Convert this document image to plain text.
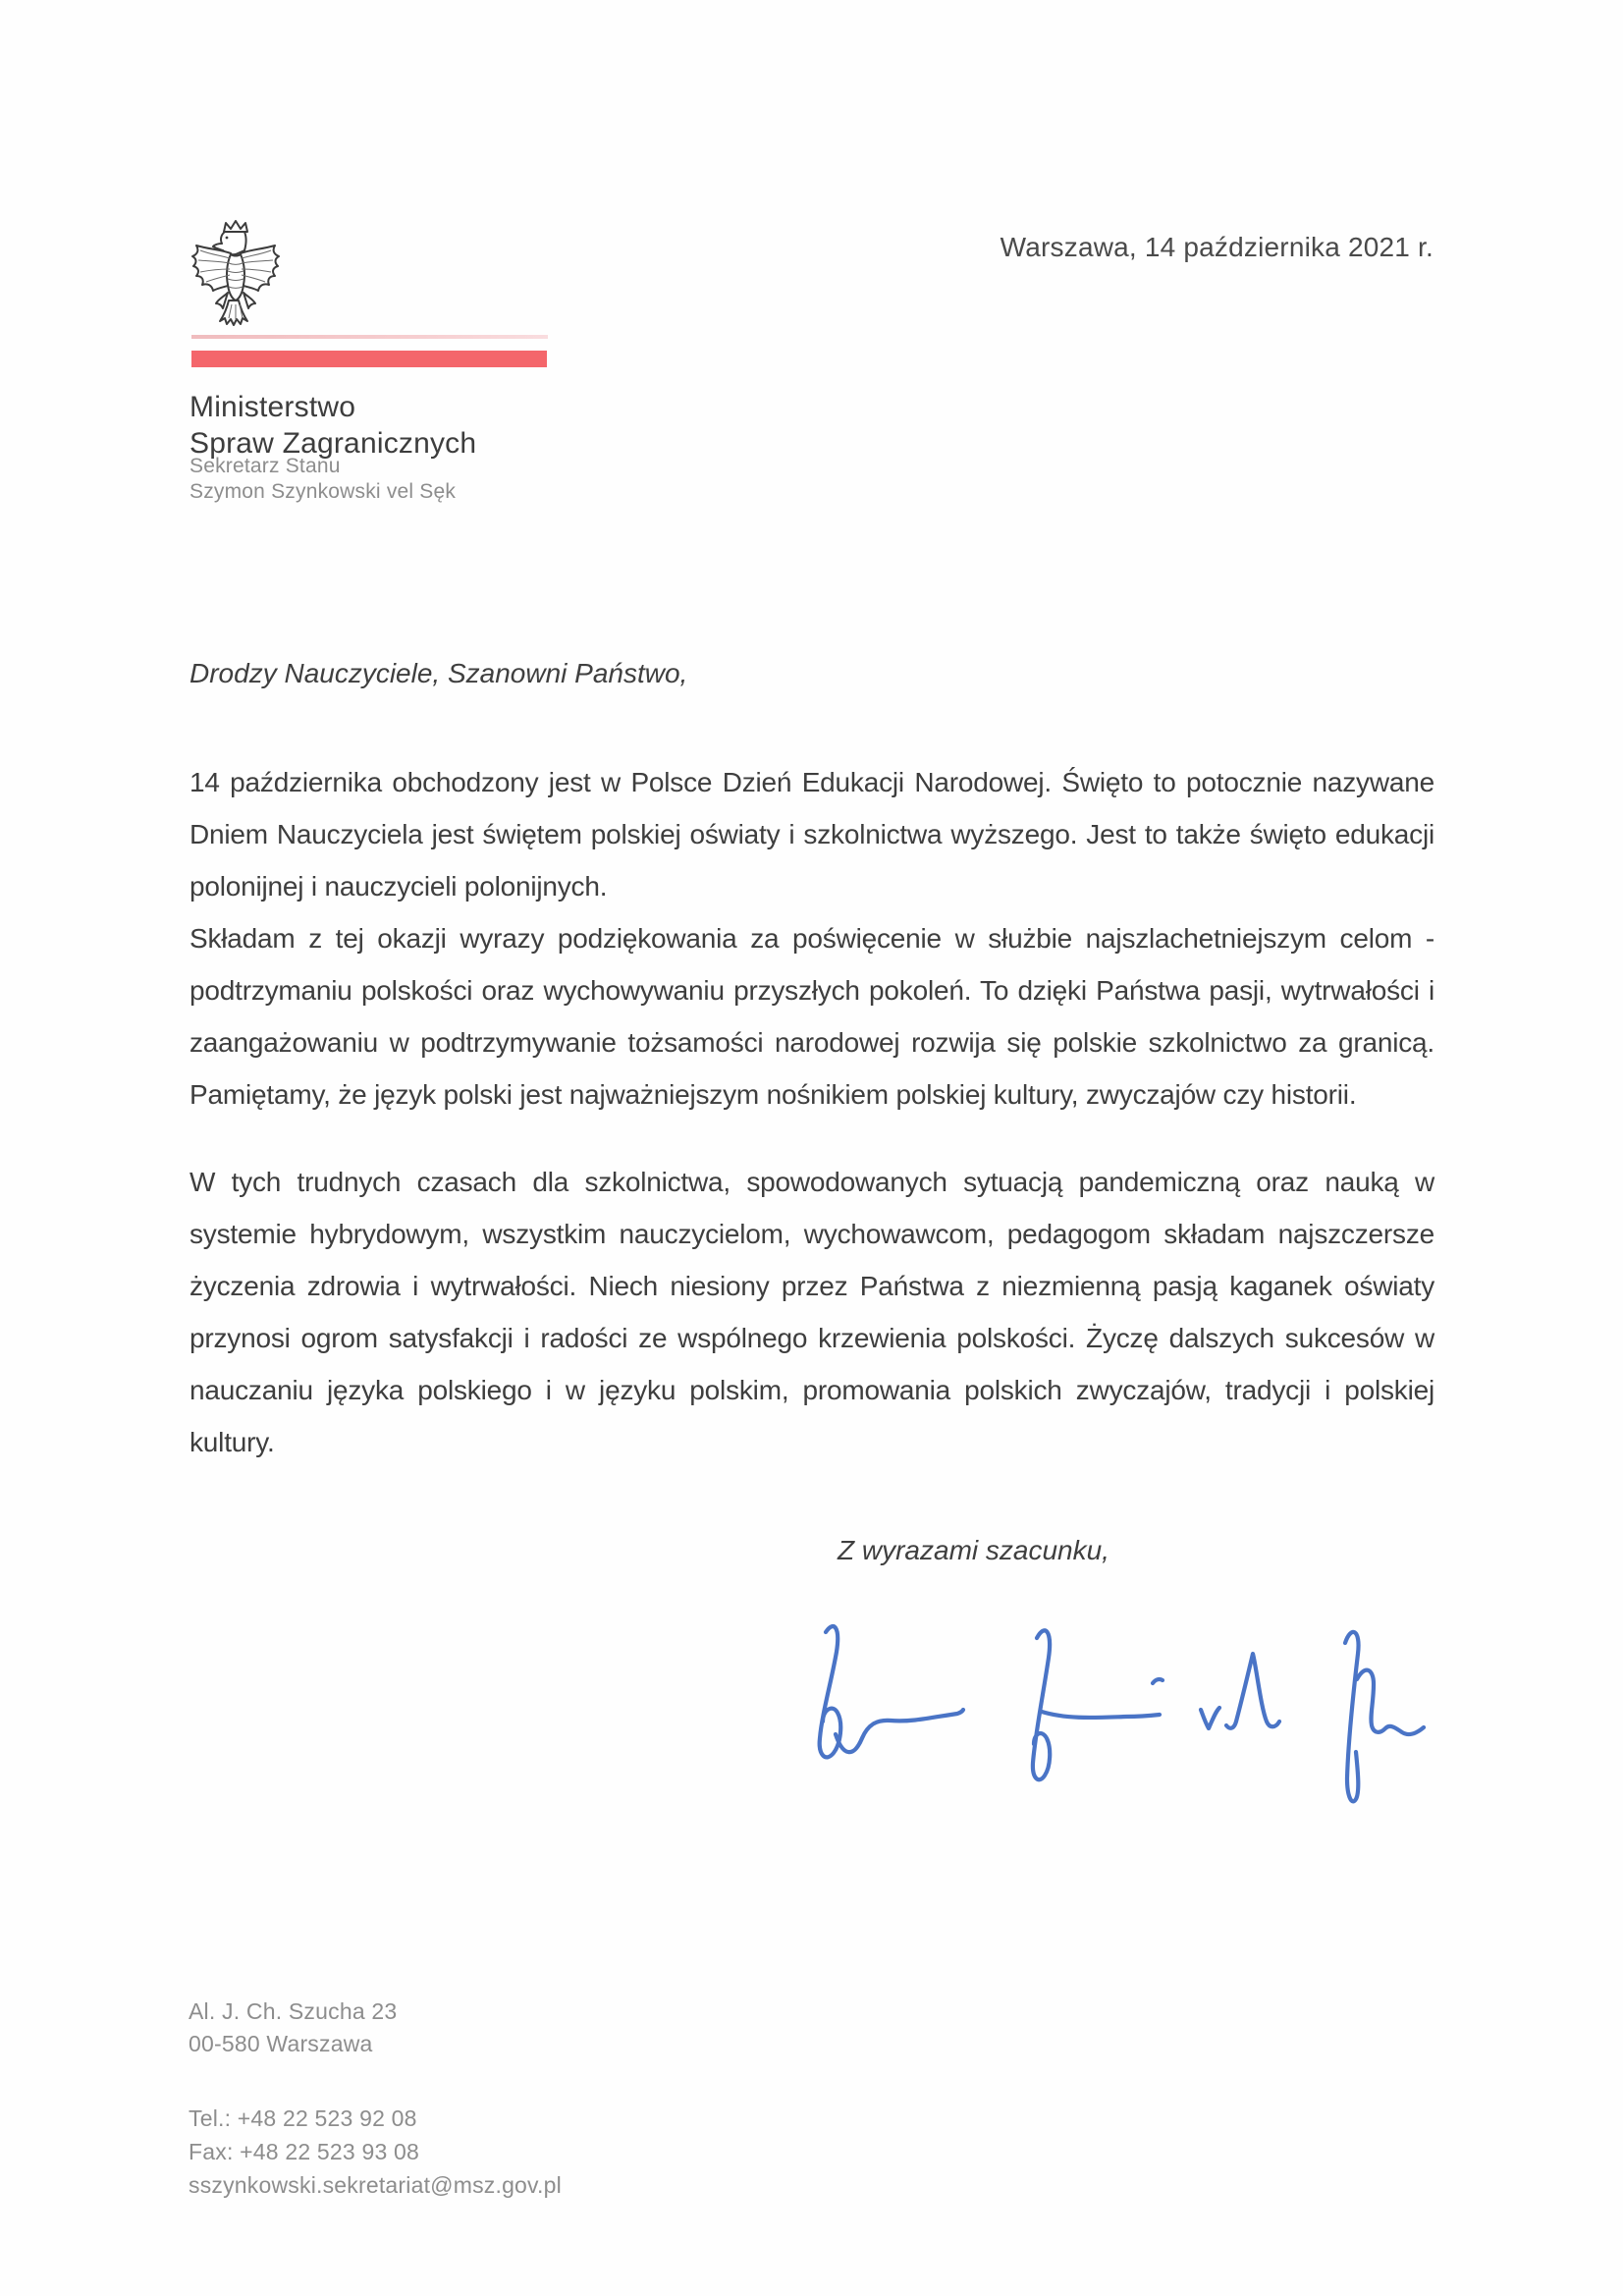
Warszawa, 14 października 2021 r.
Ministerstwo
Spraw Zagranicznych
Sekretarz Stanu
Szymon Szynkowski vel Sęk
Drodzy Nauczyciele, Szanowni Państwo,

14 października obchodzony jest w Polsce Dzień Edukacji Narodowej. Święto to potocznie nazywane Dniem Nauczyciela jest świętem polskiej oświaty i szkolnictwa wyższego. Jest to także święto edukacji polonijnej i nauczycieli polonijnych.

Składam z tej okazji wyrazy podziękowania za poświęcenie w służbie najszlachetniejszym celom - podtrzymaniu polskości oraz wychowywaniu przyszłych pokoleń. To dzięki Państwa pasji, wytrwałości i zaangażowaniu w podtrzymywanie tożsamości narodowej rozwija się polskie szkolnictwo za granicą. Pamiętamy, że język polski jest najważniejszym nośnikiem polskiej kultury, zwyczajów czy historii.

W tych trudnych czasach dla szkolnictwa, spowodowanych sytuacją pandemiczną oraz nauką w systemie hybrydowym, wszystkim nauczycielom, wychowawcom, pedagogom składam najszczersze życzenia zdrowia i wytrwałości. Niech niesiony przez Państwa z niezmienną pasją kaganek oświaty przynosi ogrom satysfakcji i radości ze wspólnego krzewienia polskości. Życzę dalszych sukcesów w nauczaniu języka polskiego i w języku polskim, promowania polskich zwyczajów, tradycji i polskiej kultury.

Z wyrazami szacunku,
Al. J. Ch. Szucha 23
00-580 Warszawa
Tel.: +48 22 523 92 08
Fax: +48 22 523 93 08
sszynkowski.sekretariat@msz.gov.pl
